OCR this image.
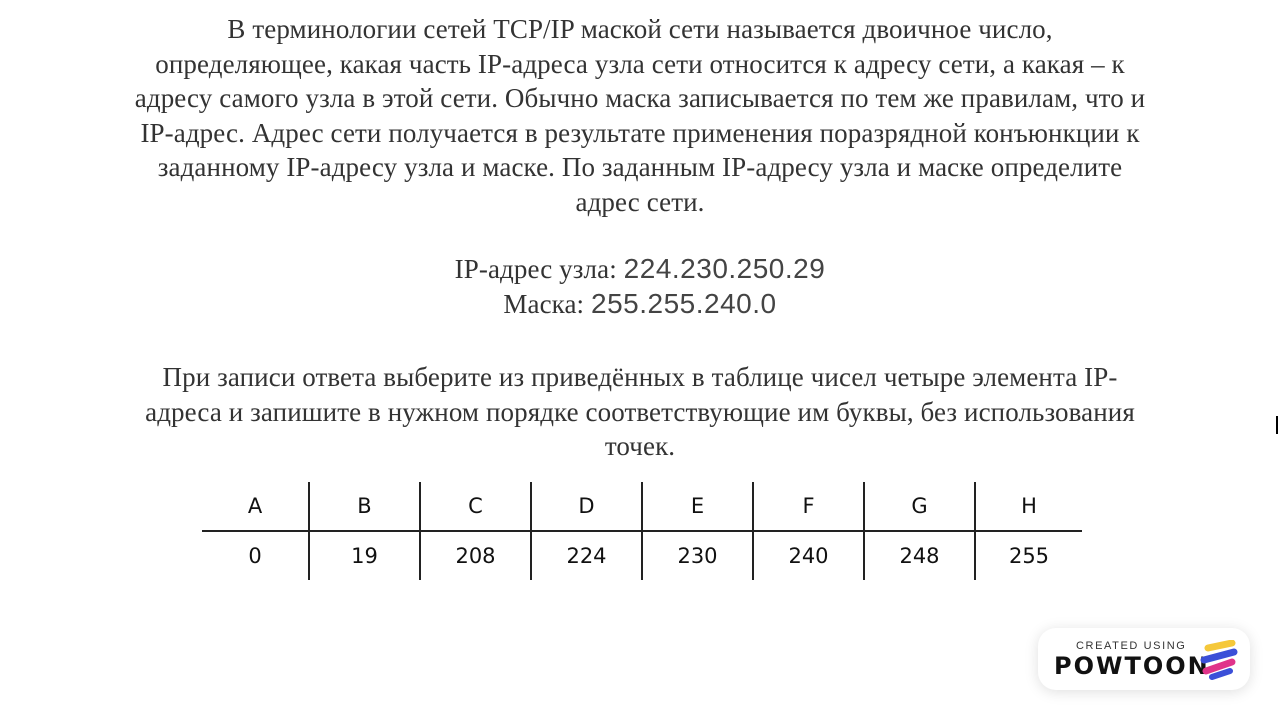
В терминологии сетей TCP/IP маской сети называется двоичное число,
определяющее, какая часть IP-адреса узла сети относится к адресу сети, а какая – к
адресу самого узла в этой сети. Обычно маска записывается по тем же правилам, что и
IP-адрес. Адрес сети получается в результате применения поразрядной конъюнкции к
заданному IP-адресу узла и маске. По заданным IP-адресу узла и маске определите
адрес сети.
IP-адрес узла: 224.230.250.29
Маска: 255.255.240.0
При записи ответа выберите из приведённых в таблице чисел четыре элемента IP-
адреса и запишите в нужном порядке соответствующие им буквы, без использования
точек.
A	B	C	D	E	F	G	H
0	19	208	224	230	240	248	255
CREATED USING
POWTOON
